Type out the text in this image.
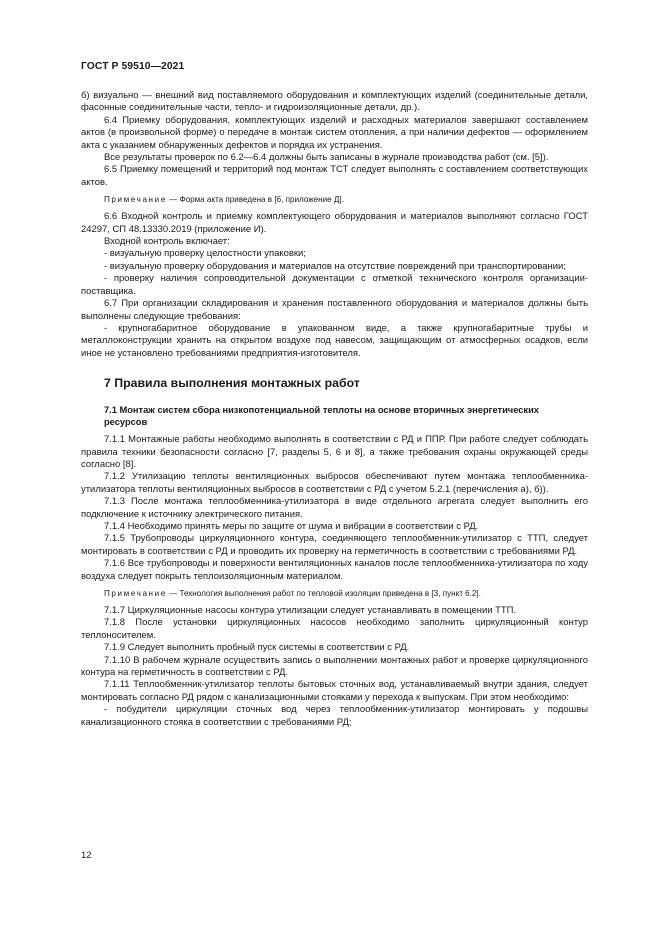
ГОСТ Р 59510—2021

б) визуально — внешний вид поставляемого оборудования и комплектующих изделий (соединительные детали, фасонные соединительные части, тепло- и гидроизоляционные детали, др.).

6.4 Приемку оборудования, комплектующих изделий и расходных материалов завершают составлением актов (в произвольной форме) о передаче в монтаж систем отопления, а при наличии дефектов — оформлением акта с указанием обнаруженных дефектов и порядка их устранения.

Все результаты проверок по 6.2—6.4 должны быть записаны в журнале производства работ (см. [5]).

6.5 Приемку помещений и территорий под монтаж ТСТ следует выполнять с составлением соответствующих актов.

Примечание — Форма акта приведена в [6, приложение Д].

6.6 Входной контроль и приемку комплектующего оборудования и материалов выполняют согласно ГОСТ 24297, СП 48.13330.2019 (приложение И).

Входной контроль включает:

- визуальную проверку целостности упаковки;

- визуальную проверку оборудования и материалов на отсутствие повреждений при транспортировании;

- проверку наличия сопроводительной документации с отметкой технического контроля организации-поставщика.

6.7 При организации складирования и хранения поставленного оборудования и материалов должны быть выполнены следующие требования:

- крупногабаритное оборудование в упакованном виде, а также крупногабаритные трубы и металлоконструкции хранить на открытом воздухе под навесом, защищающим от атмосферных осадков, если иное не установлено требованиями предприятия-изготовителя.

7 Правила выполнения монтажных работ
7.1 Монтаж систем сбора низкопотенциальной теплоты на основе вторичных энергетических ресурсов

7.1.1 Монтажные работы необходимо выполнять в соответствии с РД и ППР. При работе следует соблюдать правила техники безопасности согласно [7, разделы 5, 6 и 8], а также требования охраны окружающей среды согласно [8].

7.1.2 Утилизацию теплоты вентиляционных выбросов обеспечивают путем монтажа теплообменника-утилизатора теплоты вентиляционных выбросов в соответствии с РД с учетом 5.2.1 (перечисления а), б)).

7.1.3 После монтажа теплообменника-утилизатора в виде отдельного агрегата следует выполнить его подключение к источнику электрического питания.

7.1.4 Необходимо принять меры по защите от шума и вибрации в соответствии с РД.

7.1.5 Трубопроводы циркуляционного контура, соединяющего теплообменник-утилизатор с ТТП, следует монтировать в соответствии с РД и проводить их проверку на герметичность в соответствии с требованиями РД.

7.1.6 Все трубопроводы и поверхности вентиляционных каналов после теплообменника-утилизатора по ходу воздуха следует покрыть теплоизоляционным материалом.

Примечание — Технология выполнения работ по тепловой изоляции приведена в [3, пункт 6.2].

7.1.7 Циркуляционные насосы контура утилизации следует устанавливать в помещении ТТП.

7.1.8 После установки циркуляционных насосов необходимо заполнить циркуляционный контур теплоносителем.

7.1.9 Следует выполнить пробный пуск системы в соответствии с РД.

7.1.10 В рабочем журнале осуществить запись о выполнении монтажных работ и проверке циркуляционного контура на герметичность в соответствии с РД.

7.1.11 Теплообменник-утилизатор теплоты бытовых сточных вод, устанавливаемый внутри здания, следует монтировать согласно РД рядом с канализационными стояками у перехода к выпускам. При этом необходимо:

- побудители циркуляции сточных вод через теплообменник-утилизатор монтировать у подошвы канализационного стояка в соответствии с требованиями РД;

12
